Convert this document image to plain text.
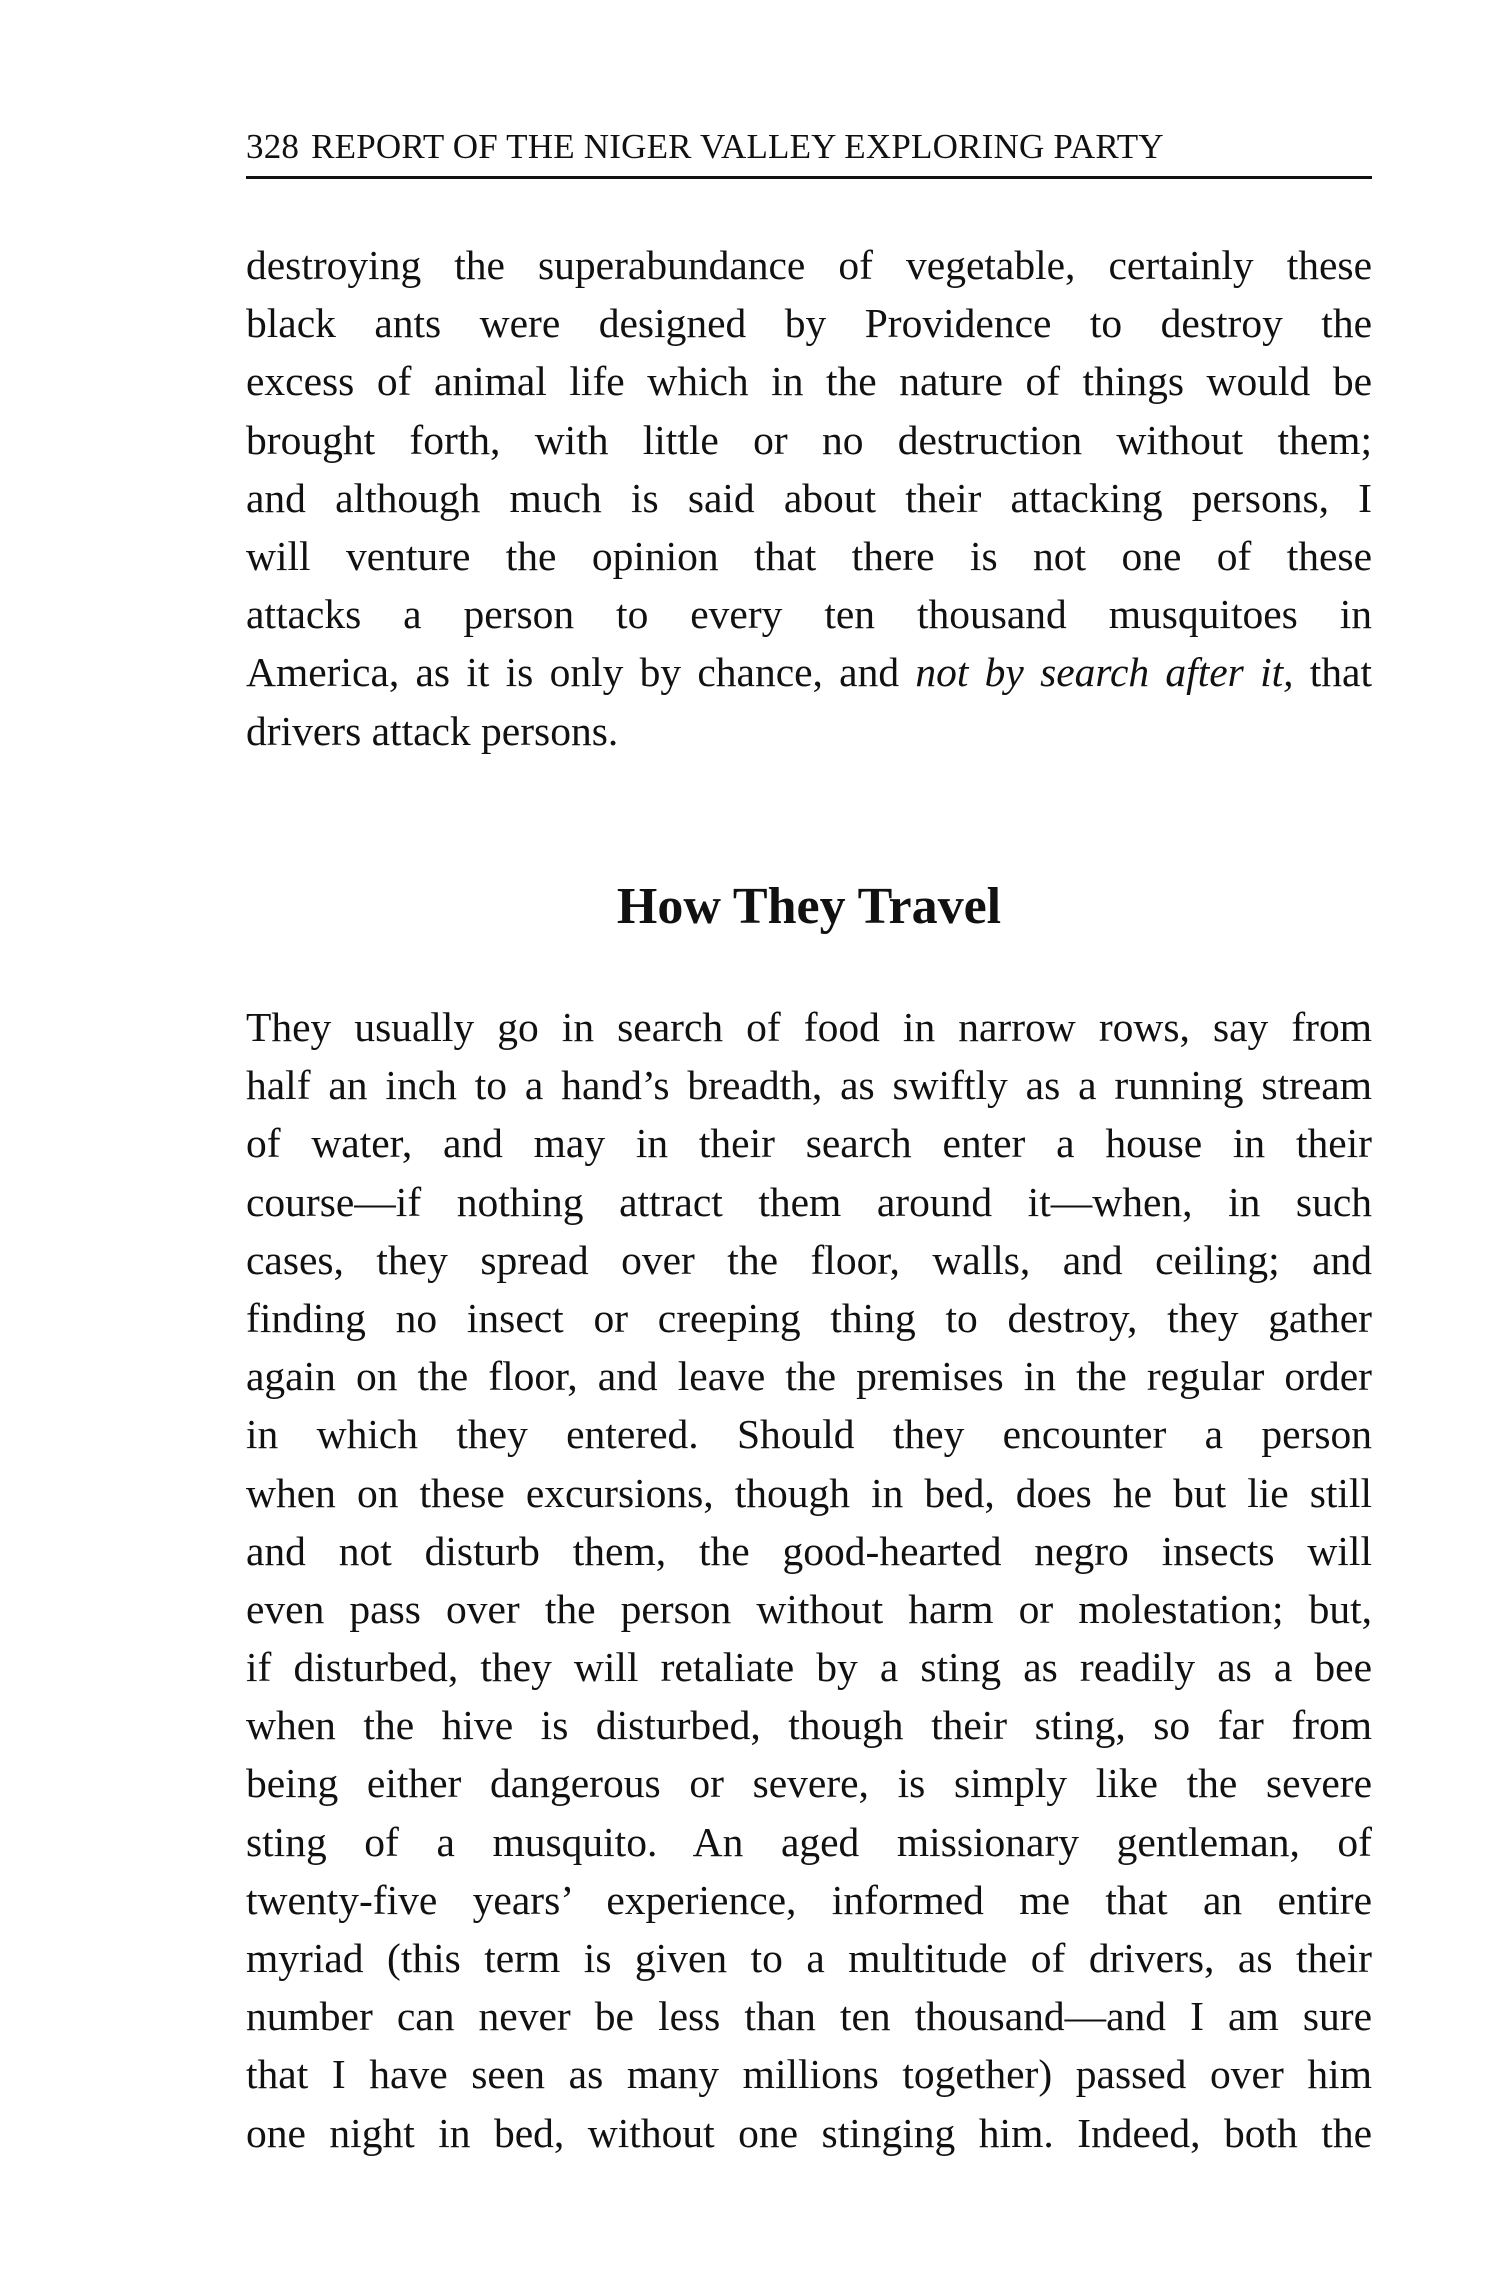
328 REPORT OF THE NIGER VALLEY EXPLORING PARTY
destroying the superabundance of vegetable, certainly these
black ants were designed by Providence to destroy the
excess of animal life which in the nature of things would be
brought forth, with little or no destruction without them;
and although much is said about their attacking persons, I
will venture the opinion that there is not one of these
attacks a person to every ten thousand musquitoes in
America, as it is only by chance, and not by search after it, that
drivers attack persons.
How They Travel
They usually go in search of food in narrow rows, say from
half an inch to a hand’s breadth, as swiftly as a running stream
of water, and may in their search enter a house in their
course—if nothing attract them around it—when, in such
cases, they spread over the floor, walls, and ceiling; and
finding no insect or creeping thing to destroy, they gather
again on the floor, and leave the premises in the regular order
in which they entered. Should they encounter a person
when on these excursions, though in bed, does he but lie still
and not disturb them, the good-hearted negro insects will
even pass over the person without harm or molestation; but,
if disturbed, they will retaliate by a sting as readily as a bee
when the hive is disturbed, though their sting, so far from
being either dangerous or severe, is simply like the severe
sting of a musquito. An aged missionary gentleman, of
twenty-five years’ experience, informed me that an entire
myriad (this term is given to a multitude of drivers, as their
number can never be less than ten thousand—and I am sure
that I have seen as many millions together) passed over him
one night in bed, without one stinging him. Indeed, both the
